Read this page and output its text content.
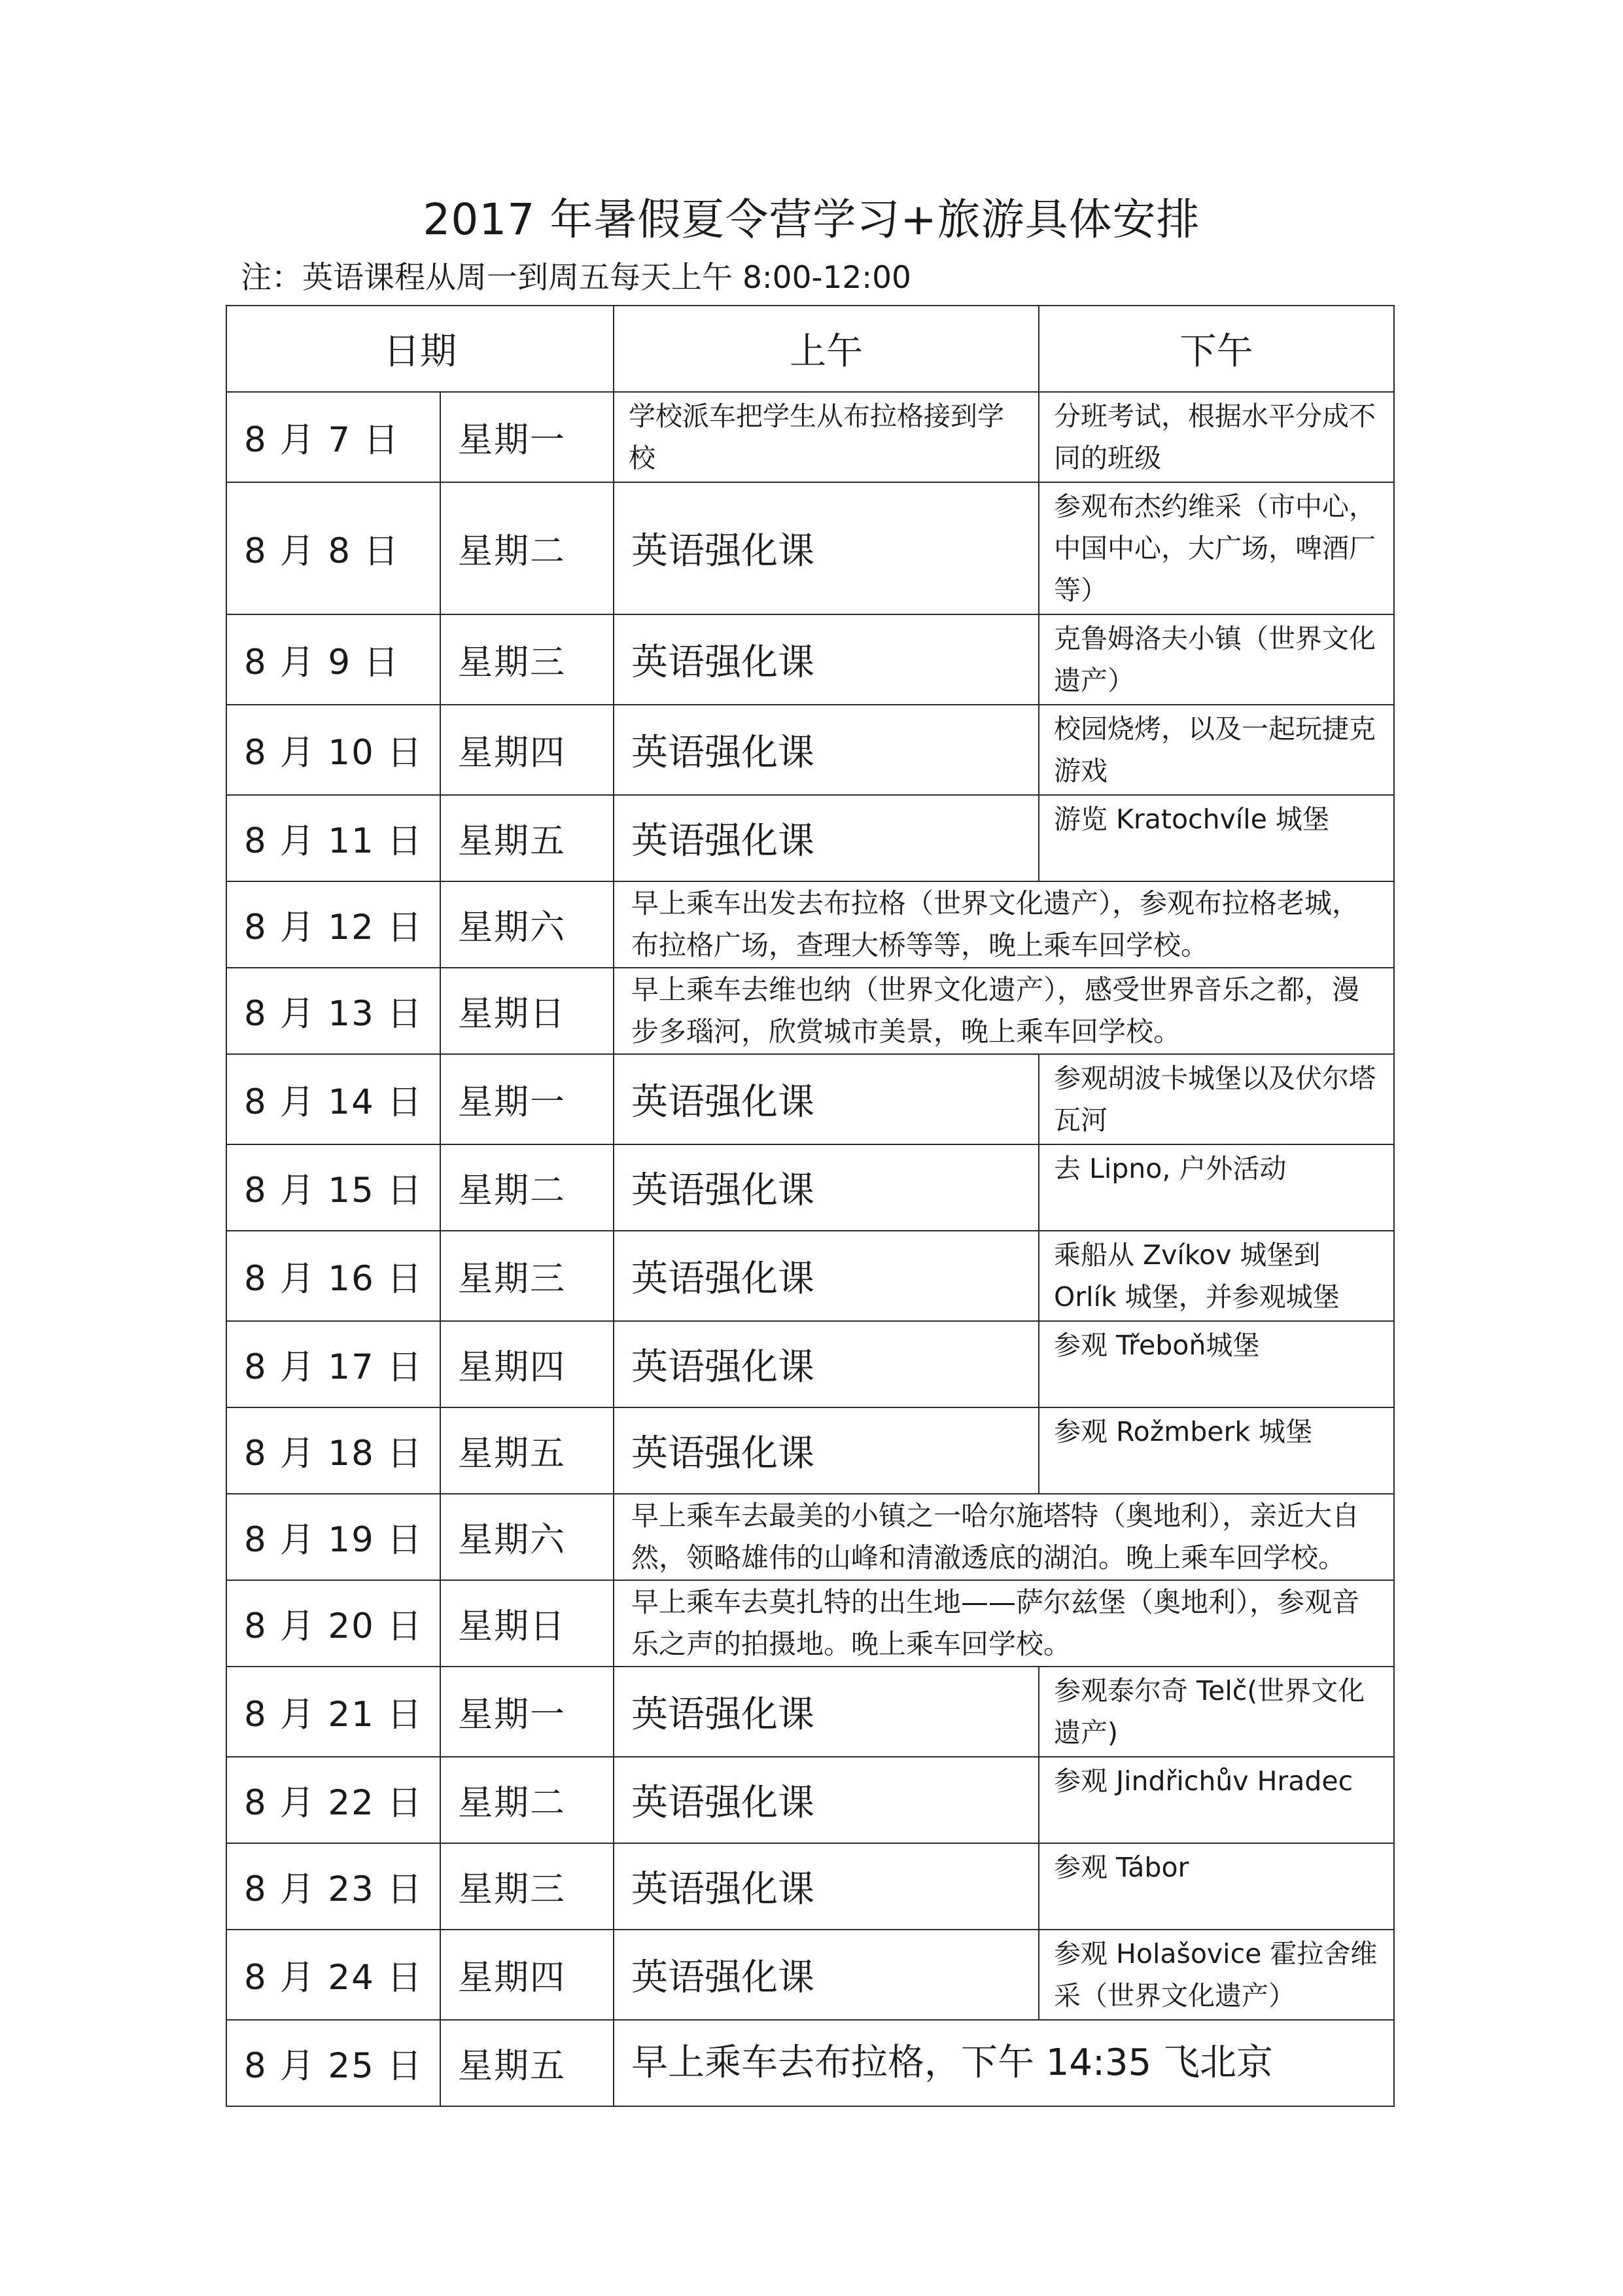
2017 年暑假夏令营学习+旅游具体安排
注：英语课程从周一到周五每天上午 8:00-12:00
日期		上午	下午
8 月 7 日	星期一	学校派车把学生从布拉格接到学校	分班考试，根据水平分成不同的班级
8 月 8 日	星期二	英语强化课	参观布杰约维采（市中心，中国中心，大广场，啤酒厂等）
8 月 9 日	星期三	英语强化课	克鲁姆洛夫小镇（世界文化遗产）
8 月 10 日	星期四	英语强化课	校园烧烤，以及一起玩捷克游戏
8 月 11 日	星期五	英语强化课	游览 Kratochvíle 城堡
8 月 12 日	星期六	早上乘车出发去布拉格（世界文化遗产），参观布拉格老城，布拉格广场，查理大桥等等，晚上乘车回学校。	
8 月 13 日	星期日	早上乘车去维也纳（世界文化遗产），感受世界音乐之都，漫步多瑙河，欣赏城市美景，晚上乘车回学校。	
8 月 14 日	星期一	英语强化课	参观胡波卡城堡以及伏尔塔瓦河
8 月 15 日	星期二	英语强化课	去 Lipno, 户外活动
8 月 16 日	星期三	英语强化课	乘船从 Zvíkov 城堡到 Orlík 城堡，并参观城堡
8 月 17 日	星期四	英语强化课	参观 Třeboň城堡
8 月 18 日	星期五	英语强化课	参观 Rožmberk 城堡
8 月 19 日	星期六	早上乘车去最美的小镇之一哈尔施塔特（奥地利），亲近大自然，领略雄伟的山峰和清澈透底的湖泊。晚上乘车回学校。	
8 月 20 日	星期日	早上乘车去莫扎特的出生地——萨尔兹堡（奥地利），参观音乐之声的拍摄地。晚上乘车回学校。	
8 月 21 日	星期一	英语强化课	参观泰尔奇 Telč(世界文化遗产)
8 月 22 日	星期二	英语强化课	参观 Jindřichův Hradec
8 月 23 日	星期三	英语强化课	参观 Tábor
8 月 24 日	星期四	英语强化课	参观 Holašovice 霍拉舍维采（世界文化遗产）
8 月 25 日	星期五	早上乘车去布拉格，下午 14:35 飞北京	
